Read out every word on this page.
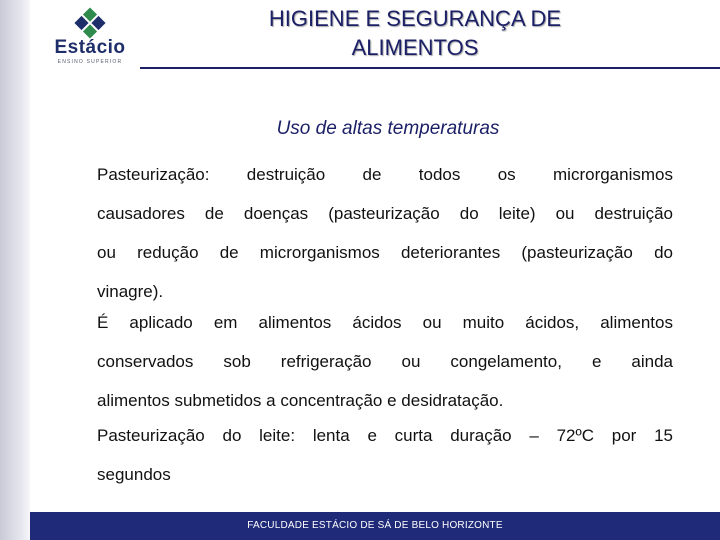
Estácio
ENSINO SUPERIOR
HIGIENE E SEGURANÇA DE
ALIMENTOS
Uso de altas temperaturas
Pasteurização: destruição de todos os microrganismos
causadores de doenças (pasteurização do leite) ou destruição
ou redução de microrganismos deteriorantes (pasteurização do
vinagre).
É aplicado em alimentos ácidos ou muito ácidos, alimentos
conservados sob refrigeração ou congelamento, e ainda
alimentos submetidos a concentração e desidratação.
Pasteurização do leite: lenta e curta duração – 72ºC por 15
segundos
FACULDADE ESTÁCIO DE SÁ DE BELO HORIZONTE
